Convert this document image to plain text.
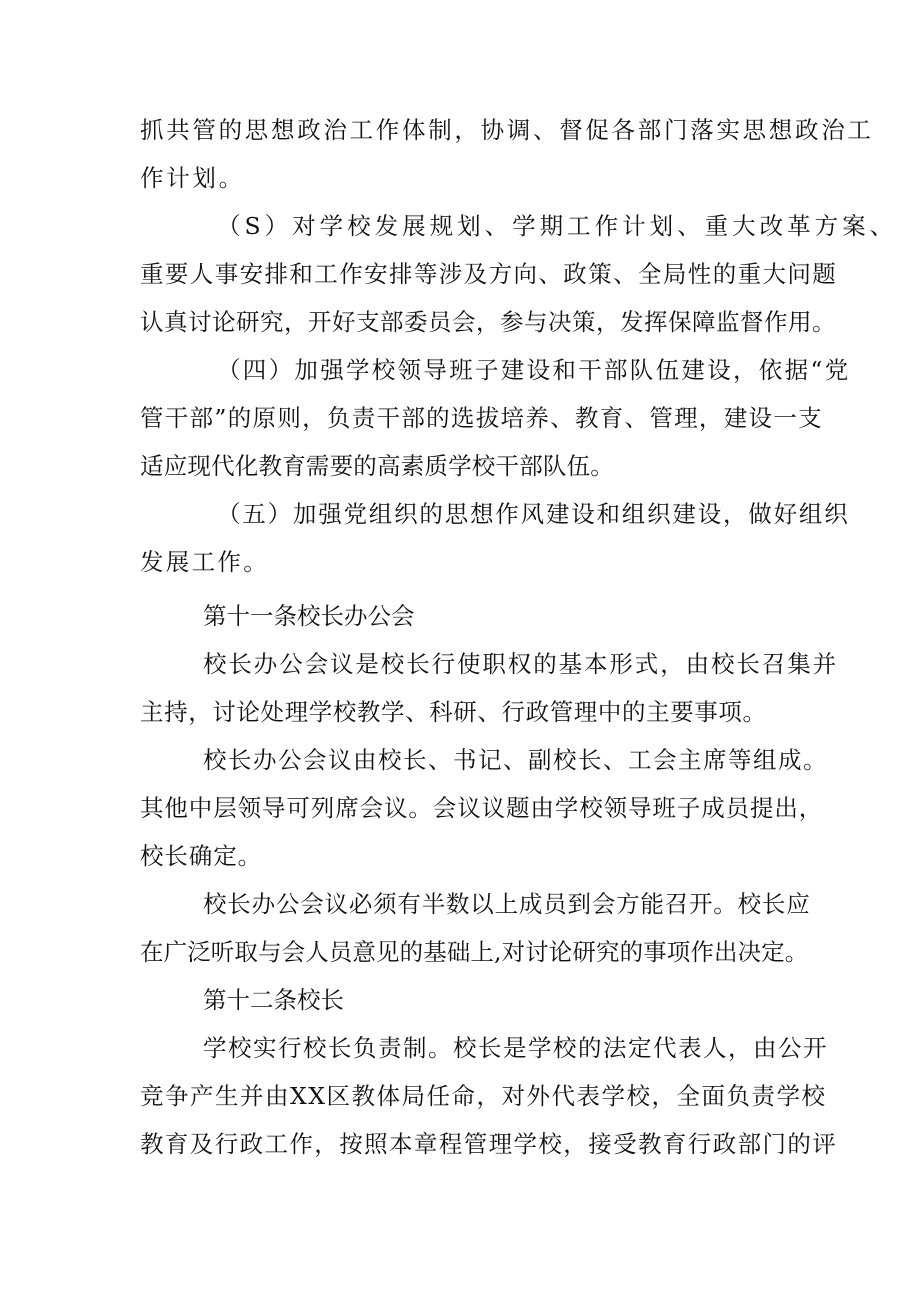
抓共管的思想政治工作体制，协调、督促各部门落实思想政治工
作计划。
（S）对学校发展规划、学期工作计划、重大改革方案、
重要人事安排和工作安排等涉及方向、政策、全局性的重大问题
认真讨论研究，开好支部委员会，参与决策，发挥保障监督作用。
（四）加强学校领导班子建设和干部队伍建设，依据“党
管干部”的原则，负责干部的选拔培养、教育、管理，建设一支
适应现代化教育需要的高素质学校干部队伍。
（五）加强党组织的思想作风建设和组织建设，做好组织
发展工作。
第十一条校长办公会
校长办公会议是校长行使职权的基本形式，由校长召集并
主持，讨论处理学校教学、科研、行政管理中的主要事项。
校长办公会议由校长、书记、副校长、工会主席等组成。
其他中层领导可列席会议。会议议题由学校领导班子成员提出，
校长确定。
校长办公会议必须有半数以上成员到会方能召开。校长应
在广泛听取与会人员意见的基础上,对讨论研究的事项作出决定。
第十二条校长
学校实行校长负责制。校长是学校的法定代表人，由公开
竞争产生并由XX区教体局任命，对外代表学校，全面负责学校
教育及行政工作，按照本章程管理学校，接受教育行政部门的评
